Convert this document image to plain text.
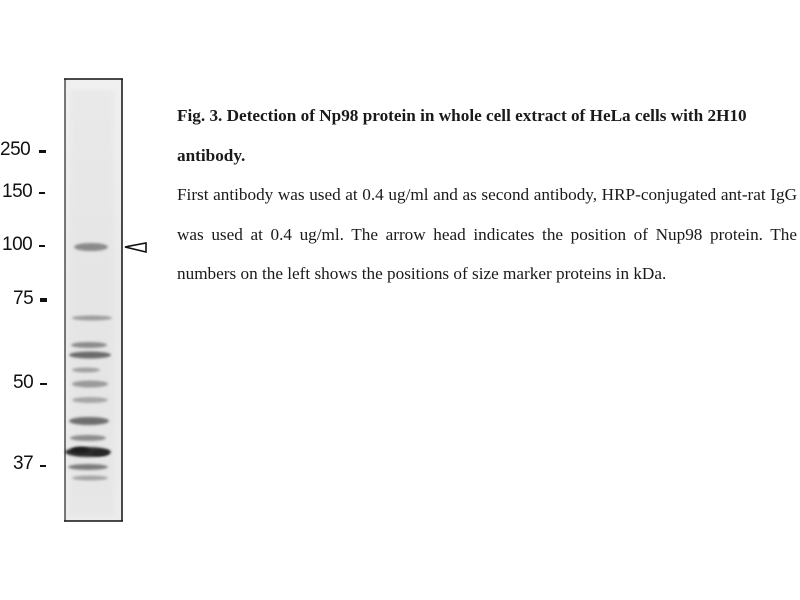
250
150
100
75
50
37

Fig. 3. Detection of Np98 protein in whole cell extract of HeLa cells with 2H10 antibody.

First antibody was used at 0.4 ug/ml and as second antibody, HRP-conjugated ant-rat IgG was used at 0.4 ug/ml. The arrow head indicates the position of Nup98 protein. The numbers on the left shows the positions of size marker proteins in kDa.
